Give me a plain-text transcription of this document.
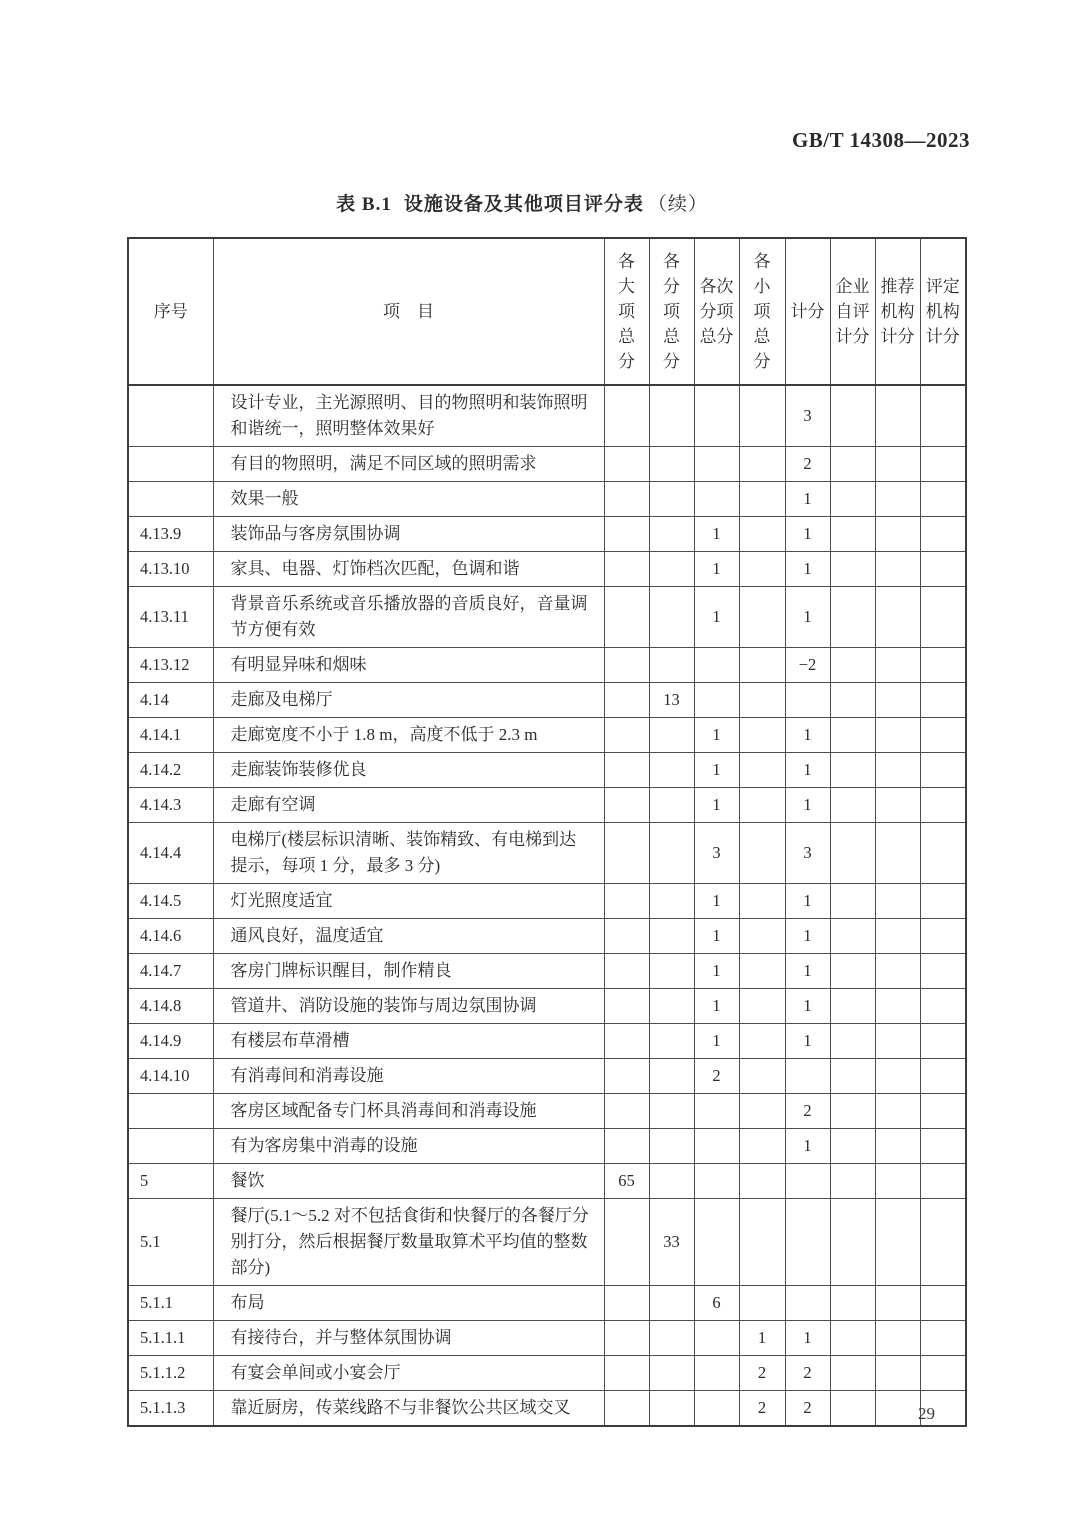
GB/T 14308—2023
表 B.1 设施设备及其他项目评分表 （续）
序号	项　目	各
大
项
总
分	各
分
项
总
分	各次
分项
总分	各
小
项
总
分	计分	企业
自评
计分	推荐
机构
计分	评定
机构
计分

	设计专业，主光源照明、目的物照明和装饰照明和谐统一，照明整体效果好					3			
	有目的物照明，满足不同区域的照明需求					2			
	效果一般					1			
4.13.9	装饰品与客房氛围协调			1		1			
4.13.10	家具、电器、灯饰档次匹配，色调和谐			1		1			
4.13.11	背景音乐系统或音乐播放器的音质良好，音量调节方便有效			1		1			
4.13.12	有明显异味和烟味					−2			
4.14	走廊及电梯厅		13						
4.14.1	走廊宽度不小于 1.8 m，高度不低于 2.3 m			1		1			
4.14.2	走廊装饰装修优良			1		1			
4.14.3	走廊有空调			1		1			
4.14.4	电梯厅(楼层标识清晰、装饰精致、有电梯到达提示，每项 1 分，最多 3 分)			3		3			
4.14.5	灯光照度适宜			1		1			
4.14.6	通风良好，温度适宜			1		1			
4.14.7	客房门牌标识醒目，制作精良			1		1			
4.14.8	管道井、消防设施的装饰与周边氛围协调			1		1			
4.14.9	有楼层布草滑槽			1		1			
4.14.10	有消毒间和消毒设施			2					
	客房区域配备专门杯具消毒间和消毒设施					2			
	有为客房集中消毒的设施					1			
5	餐饮	65							
5.1	餐厅(5.1～5.2 对不包括食街和快餐厅的各餐厅分别打分，然后根据餐厅数量取算术平均值的整数部分)		33						
5.1.1	布局			6					
5.1.1.1	有接待台，并与整体氛围协调				1	1			
5.1.1.2	有宴会单间或小宴会厅				2	2			
5.1.1.3	靠近厨房，传菜线路不与非餐饮公共区域交叉				2	2				29
